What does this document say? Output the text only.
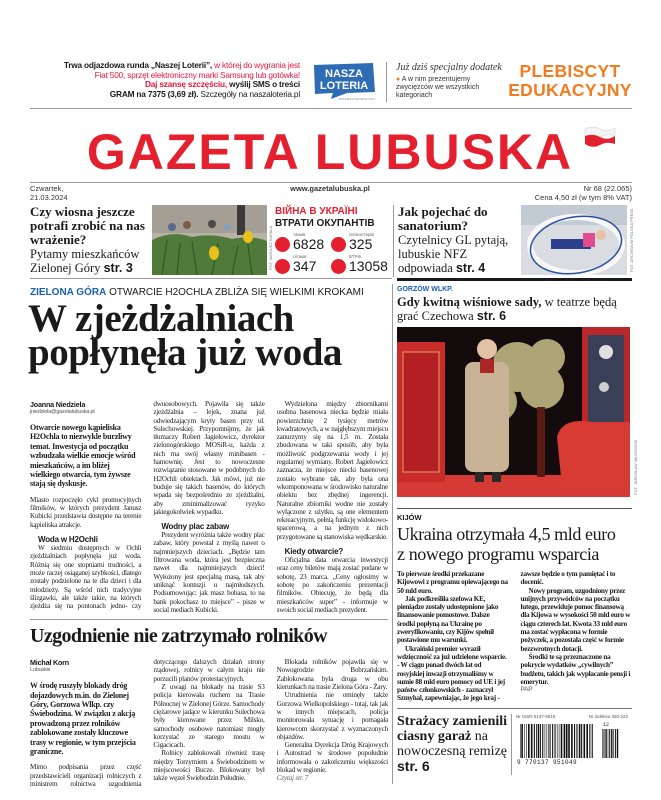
Trwa odjazdowa runda „Naszej Loterii”, w której do wygrania jest
Fiat 500, sprzęt elektroniczny marki Samsung lub gotówka!
Daj szansę szczęściu, wyślij SMS o treści
GRAM na 7375 (3,69 zł). Szczegóły na naszaloteria.pl
NASZA
LOTERIA
MATERIAŁ PROMOCYJNY
Już dziś specjalny dodatek
● A w nim prezentujemy zwycięzców we wszystkich kategoriach
PLEBISCYT
EDUKACYJNY
GAZETA LUBUSKA
Czwartek,
21.03.2024
www.gazetalubuska.pl	Nr 68 (22.065)
Cena 4,50 zł (w tym 8% VAT)
Czy wiosna jeszcze potrafi zrobić na nas wrażenie?
Pytamy mieszkańców Zielonej Góry str. 3	FOT. MARIUSZ KAPAŁA
ВІЙНА В УКРАЇНІ
ВТРАТИ ОКУПАНТІВ
танків
6828
гелікоптерів
325
літаків
347
БТРів
13058
Jak pojechać do sanatorium?
Czytelnicy GL pytają, lubuskie NFZ odpowiada str. 4	FOT. ARCHIWUM POLSKA PRESS
ZIELONA GÓRA OTWARCIE H2OCHLA ZBLIŻA SIĘ WIELKIMI KROKAMI
W zjeżdżalniach
popłynęła już woda

Joanna Niedziela

jniedziela@gazetalubuska.pl

Otwarcie nowego kąpieliska H2Ochla to niezwykle burzliwy temat. Inwestycja od początku wzbudzała wielkie emocje wśród mieszkańców, a im bliżej wielkiego otwarcia, tym żywsze stają się dyskusje.

Miasto rozpoczęło cykl promocyjnych filmików, w których prezydent Janusz Kubicki przedstawia dostępne na terenie kąpieliska atrakcje.

Woda w H2Ochli

W siedmiu dostępnych w Ochli zjeżdżalniach popłynęła już woda. Różnią się one stopniami trudności, a może raczej osiąganej szybkości, dlatego zostały podzielone na te dla dzieci i dla młodzieży. Są wśród nich tradycyjne ślizgawki, ale także takie, na których zjeżdża się na pontonach jedno- czy dwuosobowych. Pojawiła się także zjeżdżalnia – lejek, znana już odwiedzającym kryty basen przy ul. Sulechowskiej. Przypomnijmy, że jak tłumaczy Robert Jagiełowicz, dyrektor zielonogórskiego MOSiR-u, każda z nich ma swój własny minibasen - hamownię. Jest to nowoczesne rozwiązanie stosowane w podobnych do H2Ochli obiektach. Jak mówi, już nie buduje się takich basenów, do których wpada się bezpośrednio ze zjeżdżalni, aby zminimalizować ryzyko jakiegokolwiek wypadku.

Wodny plac zabaw

Prezydent wyróżnia także wodny plac zabaw, który powstał z myślą nawet o najmniejszych dzieciach. „Będzie tam filtrowana woda, która jest bezpieczna nawet dla najmniejszych dzieci! Wyłożony jest specjalną masą, tak aby uniknąć kontuzji u najmłodszych. Podsumowując: jak masz bobasa, to na bank pokochasz to miejsce” - pisze w social mediach Kubicki.

Wydzielona między zbiornikami osobna basenowa niecka będzie miała powierzchnię 2 tysięcy metrów kwadratowych, a w najgłębszym miejscu zanurzymy się na 1,5 m. Została zbudowana w taki sposób, aby była możliwość podgrzewania wody i jej regularnej wymiany. Robert Jagiełowicz zaznacza, że miejsce niecki basenowej zostało wybrane tak, aby była ona wkomponowana w środowisko naturalne obiektu bez zbędnej ingerencji. Naturalne zbiorniki wodne nie zostały wyłączone z użytku, są one elementem rekreacyjnym, pełnią funkcję widokowo-spacerową, a na jednym z nich przygotowane są stanowiska wędkarskie.

Kiedy otwarcie?

Oficjalna data otwarcia inwestycji oraz ceny biletów mają zostać podane w sobotę, 23 marca. „Ceny ogłosimy w sobotę po zakończeniu prezentacji filmików. Obiecuję, że będą dla mieszkańców super” - informuje w swoich social mediach prezydent.

Uzgodnienie nie zatrzymało rolników

Michał Korn

Lubuskie

W środę ruszyły blokady dróg dojazdowych m.in. do Zielonej Góry, Gorzowa Wlkp. czy Świebodzina. W związku z akcją prowadzoną przez rolników zablokowane zostały kluczowe trasy w regionie, w tym przejścia graniczne.

Mimo podpisania przez część przedstawicieli organizacji rolniczych z ministrem rolnictwa uzgodnienia dotyczącego dalszych działań strony rządowej, rolnicy w całym kraju nie porzucili planów protestacyjnych.

Z uwagi na blokady na trasie S3 policja kierowała ruchem na Trasie Północnej w Zielonej Górze. Samochody ciężarowe jadące w kierunku Sulechowa były kierowane przez Milsko, samochody osobowe natomiast mogły korzystać ze starego mostu w Cigacicach.

Rolnicy zablokowali również trasę między Torzymiem a Świebodzinem w miejscowości Bucze. Blokowany był także węzeł Świebodzin Południe.

Blokada rolników pojawiła się w Nowogrodzie Bobrzańskim. Zablokowana była droga w obu kierunkach na trasie Zielona Góra - Żary.

Utrudnienia nie ominęły także Gorzowa Wielkopolskiego - tutaj, tak jak w innych miejscach, policja monitorowała sytuację i pomagała kierowcom skorzystać z wyznaczonych objazdów.

Generalna Dyrekcja Dróg Krajowych i Autostrad w środowe popołudnie informowała o zakończeniu większości blokad w regionie.

Czytaj str. 7

GORZÓW WLKP.
Gdy kwitną wiśniowe sady, w teatrze będą grać Czechowa str. 6
FOT. JAROSŁAW MIŁKOWSKI
KIJÓW
Ukraina otrzymała 4,5 mld euro
z nowego programu wsparcia

To pierwsze środki przekazane Kijowowi z programu opiewającego na 50 mld euro.

Jak podkreśliła szefowa KE, pieniądze zostały udostępnione jako finansowanie pomostowe. Dalsze środki popłyną na Ukrainę po zweryfikowaniu, czy Kijów spełnił postawione mu warunki.

Ukraiński premier wyraził wdzięczność za już udzielone wsparcie. - W ciągu ponad dwóch lat od rosyjskiej inwazji otrzymaliśmy w sumie 88 mld euro pomocy od UE i jej państw członkowskich - zaznaczył Szmyhal, zapewniając, że jego kraj - zawsze będzie o tym pamiętać i to docenić.

Nowy program, uzgodniony przez unijnych przywódców na początku lutego, przewiduje pomoc finansową dla Kijowa w wysokości 50 mld euro w ciągu czterech lat. Kwota 33 mld euro ma zostać wypłacona w formie pożyczek, a pozostała część w formie bezzwrotnych dotacji.

Środki te są przeznaczone na pokrycie wydatków „cywilnych” budżetu, takich jak wypłacanie pensji i emerytur.

PAP

Strażacy zamienili ciasny garaż na nowoczesną remizę str. 6
Nr ISSN 0137-9518	Nr indeksu 350-222
9 770137 951049
12
